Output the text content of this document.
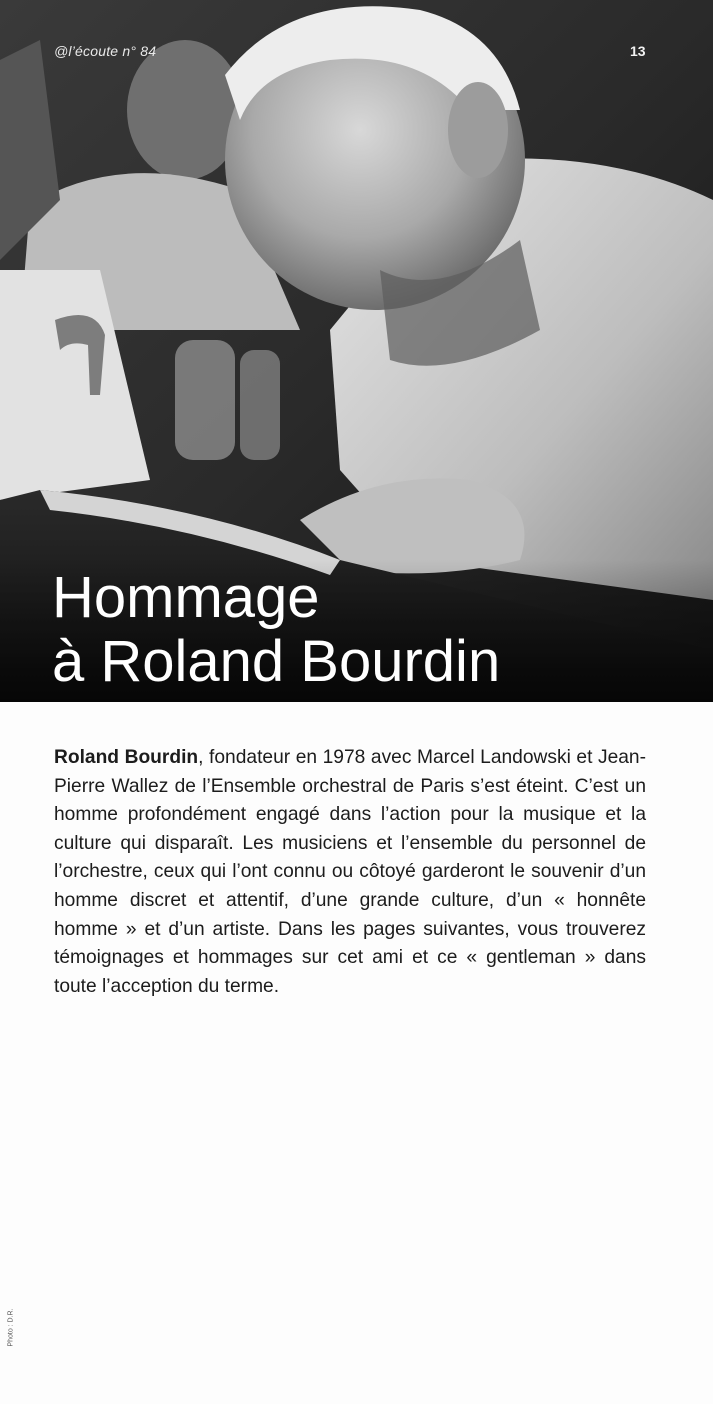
@l’écoute n° 84	13
Hommage
à Roland Bourdin

Roland Bourdin, fondateur en 1978 avec Marcel Landowski et Jean-Pierre Wallez de l’Ensemble orchestral de Paris s’est éteint. C’est un homme profondément engagé dans l’action pour la musique et la culture qui disparaît. Les musiciens et l’ensemble du personnel de l’orchestre, ceux qui l’ont connu ou côtoyé garderont le souvenir d’un homme discret et attentif, d’une grande culture, d’un « honnête homme » et d’un artiste. Dans les pages suivantes, vous trouverez témoignages et hommages sur cet ami et ce « gentleman » dans toute l’acception du terme.

Photo : D.R.
